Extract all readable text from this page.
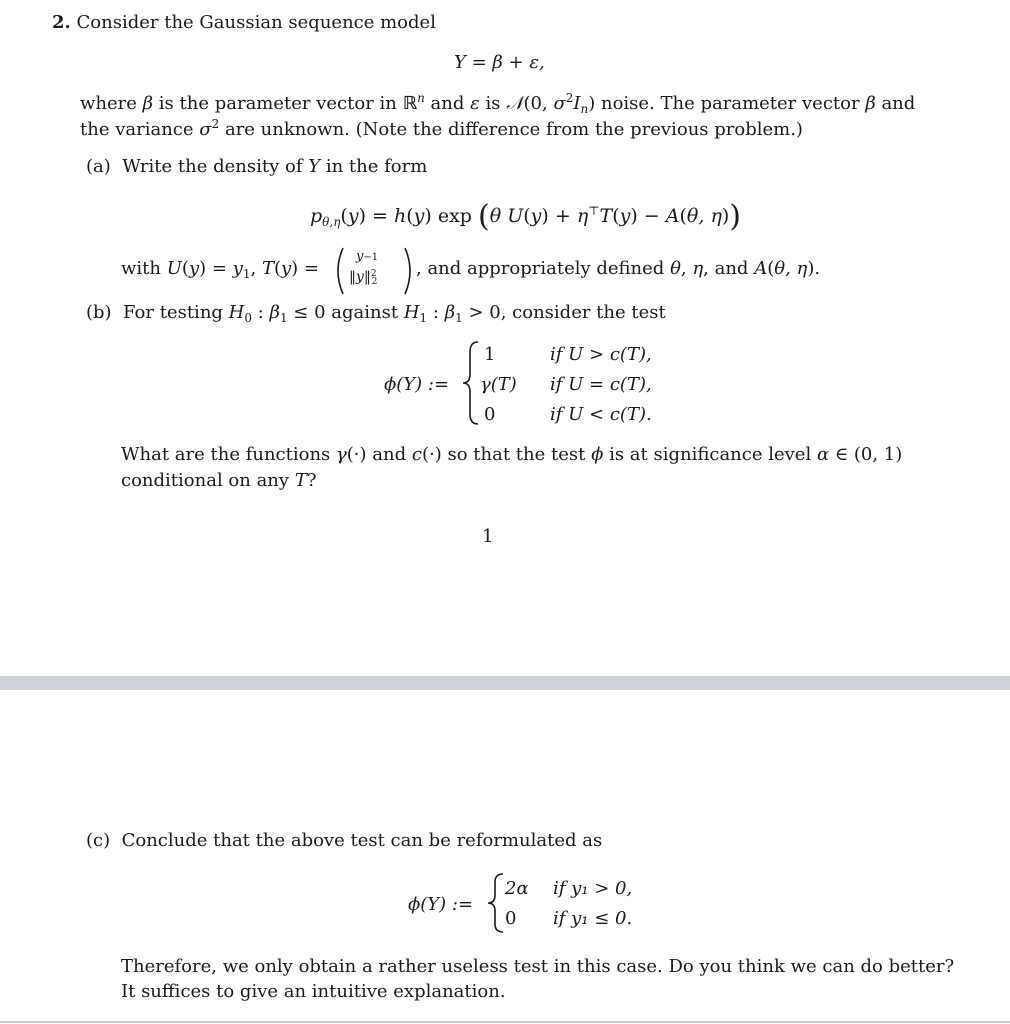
2. Consider the Gaussian sequence model
Y = β + ε,
where β is the parameter vector in ℝ$^n$ and ε is 𝒩(0, $\sigma^2I_n$) noise. The parameter vector β and
the variance $\sigma^2$ are unknown. (Note the difference from the previous problem.)
(a) Write the density of Y in the form
$p_{\theta,\eta}(y) = h(y)$ exp (θ U(y) + η⊤T(y) − A(θ, η))
with $U(y) = y_1$, T(y) =
y−1
‖y‖$^2_2$
, and appropriately defined θ, η, and A(θ, η).
(b) For testing $H_0$ : $\beta_1 \le 0$ against $H_1$ : $\beta_1 > 0$, consider the test
ϕ(Y) :=
1	if U > c(T),
γ(T) if U = c(T),
0	if U < c(T).
What are the functions γ(·) and c(·) so that the test ϕ is at significance level α ∈ (0, 1)
conditional on any T?
1
(c) Conclude that the above test can be reformulated as
ϕ(Y) :=
2α if y₁ > 0,
0 if y₁ ≤ 0.
Therefore, we only obtain a rather useless test in this case. Do you think we can do better?
It suffices to give an intuitive explanation.
